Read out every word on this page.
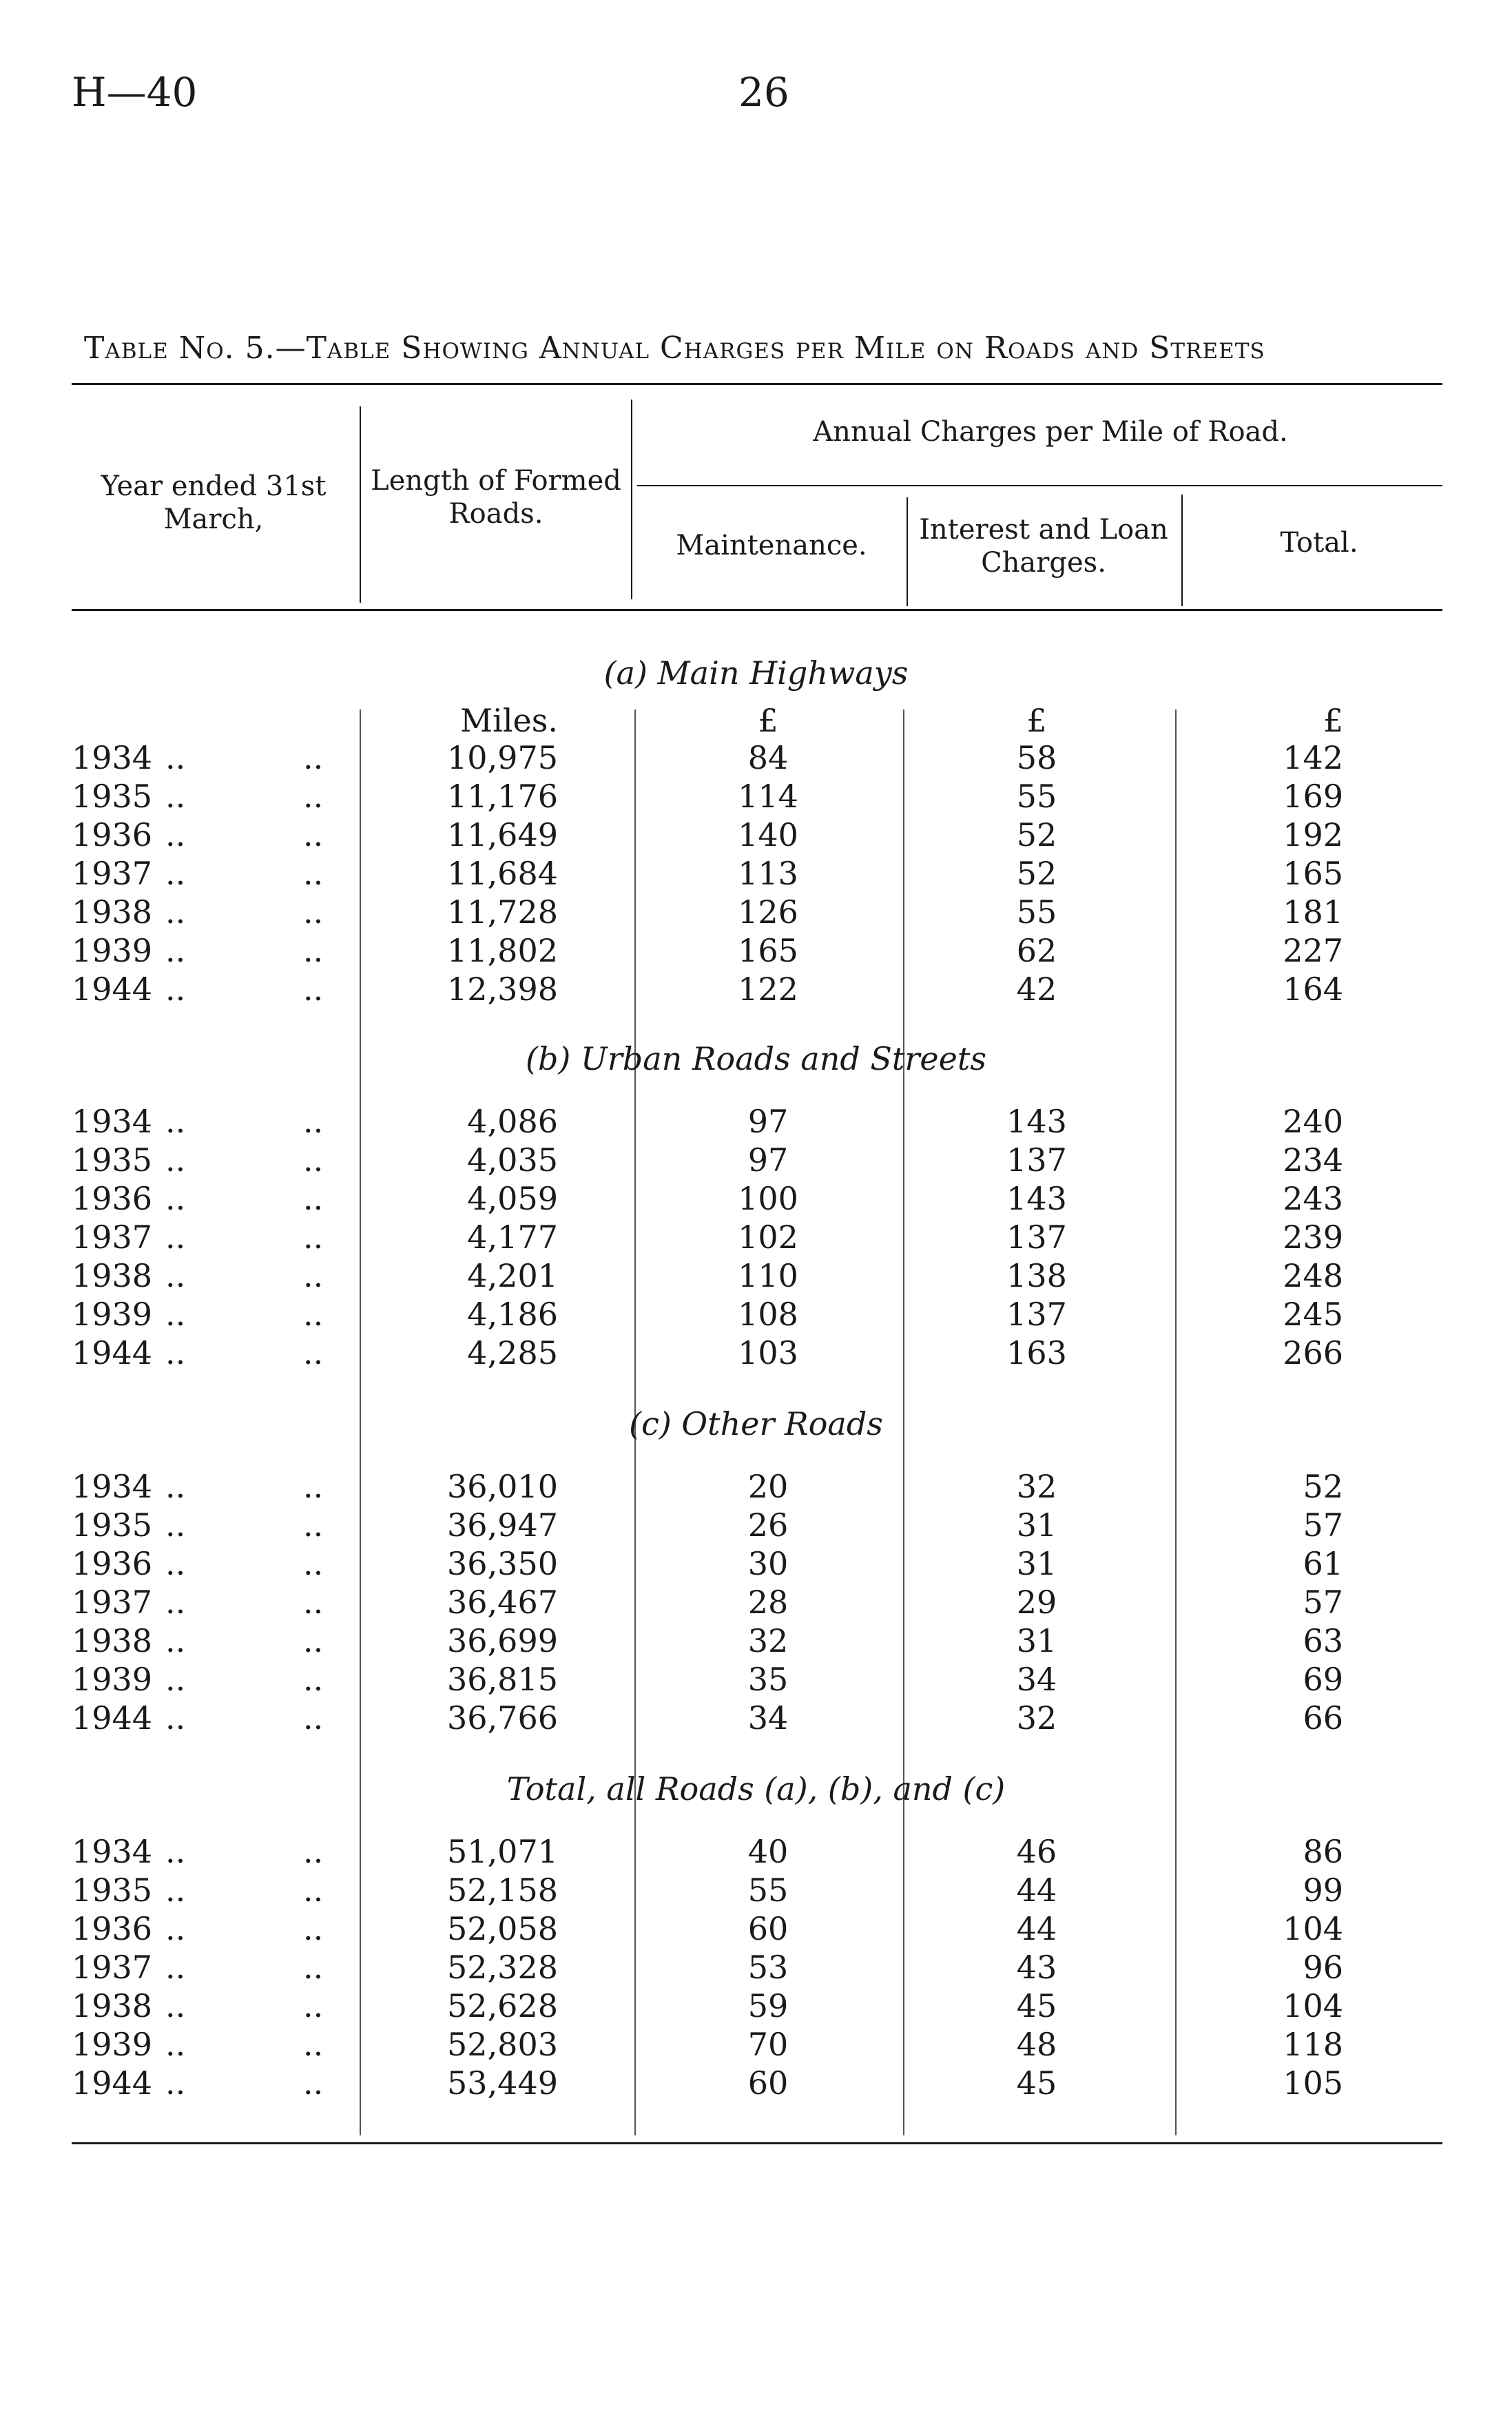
H—40	26
Table No. 5.—Table Showing Annual Charges per Mile on Roads and Streets
Year ended 31st March,
Length of Formed Roads.
Annual Charges per Mile of Road.
Maintenance.	Interest and Loan Charges.
Total.
Miles.	£	£	£
(a) Main Highways
1934 ..	..	10,975	84	58	142
1935 ..	..	11,176	114	55	169
1936 ..	..	11,649	140	52	192
1937 ..	..	11,684	113	52	165
1938 ..	..	11,728	126	55	181
1939 ..	..	11,802	165	62	227
1944 ..	..	12,398	122	42	164
(b) Urban Roads and Streets
1934 ..	..	4,086	97	143	240
1935 ..	..	4,035	97	137	234
1936 ..	..	4,059	100	143	243
1937 ..	..	4,177	102	137	239
1938 ..	..	4,201	110	138	248
1939 ..	..	4,186	108	137	245
1944 ..	..	4,285	103	163	266
(c) Other Roads
1934 ..	..	36,010	20	32	52
1935 ..	..	36,947	26	31	57
1936 ..	..	36,350	30	31	61
1937 ..	..	36,467	28	29	57
1938 ..	..	36,699	32	31	63
1939 ..	..	36,815	35	34	69
1944 ..	..	36,766	34	32	66
Total, all Roads (a), (b), and (c)
1934 ..	..	51,071	40	46	86
1935 ..	..	52,158	55	44	99
1936 ..	..	52,058	60	44	104
1937 ..	..	52,328	53	43	96
1938 ..	..	52,628	59	45	104
1939 ..	..	52,803	70	48	118
1944 ..	..	53,449	60	45	105
